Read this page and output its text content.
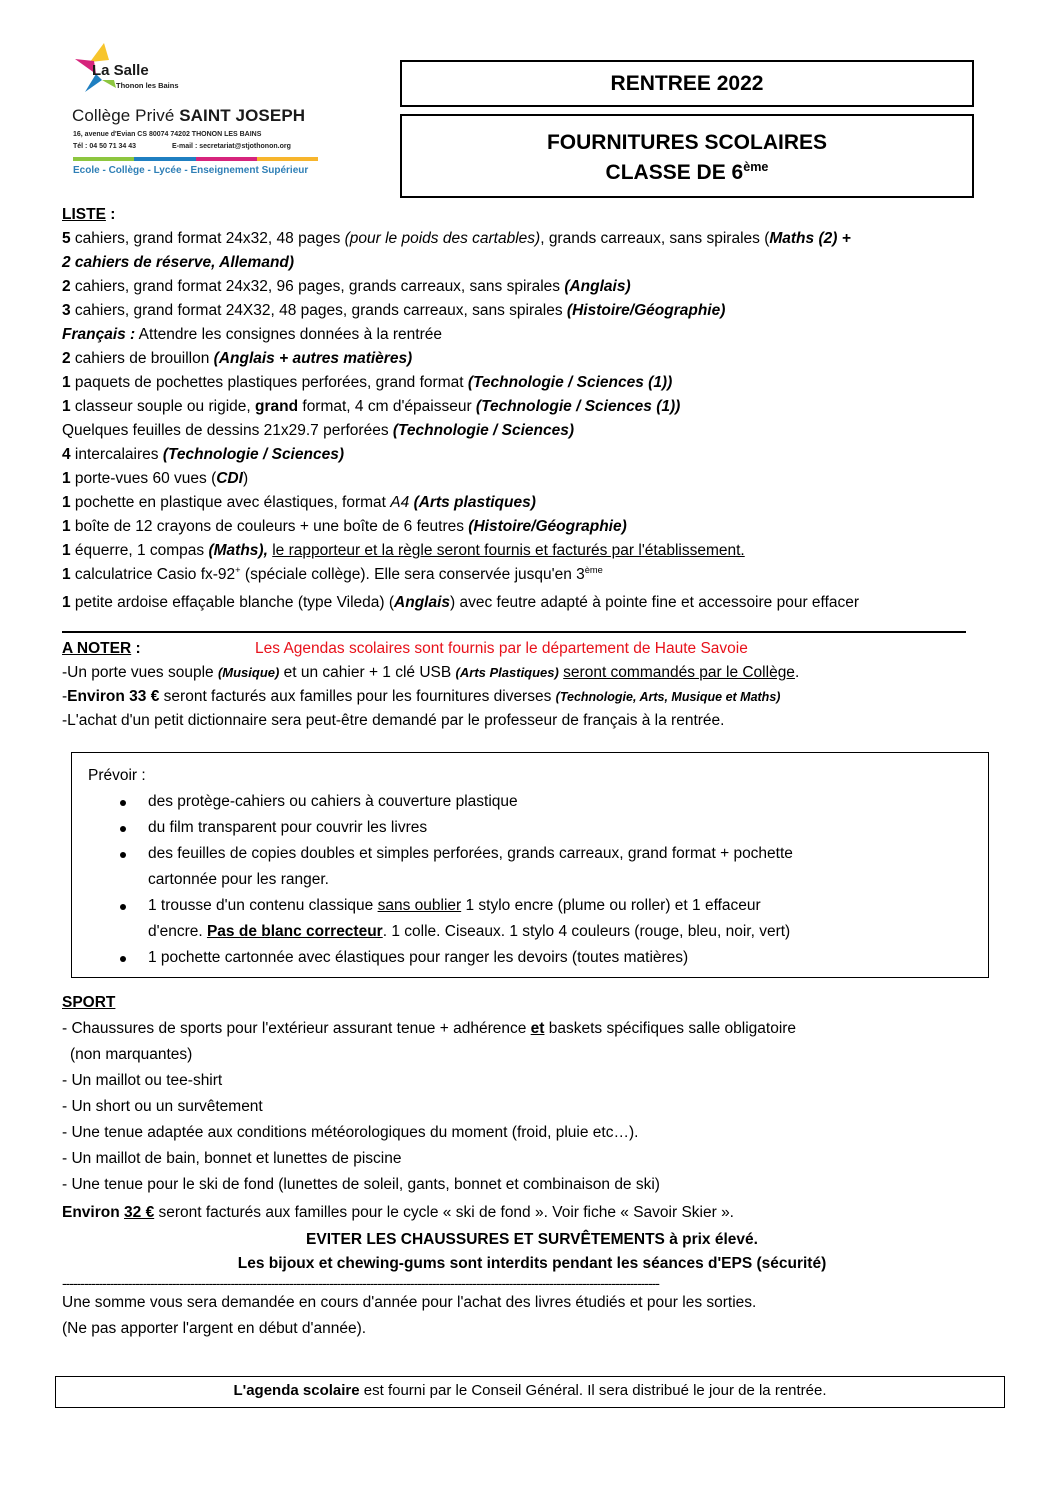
La Salle
Thonon les Bains
Collège Privé SAINT JOSEPH
16, avenue d'Evian CS 80074 74202 THONON LES BAINS
Tél : 04 50 71 34 43	E-mail : secretariat@stjothonon.org
Ecole - Collège - Lycée - Enseignement Supérieur
RENTREE 2022
FOURNITURES SCOLAIRES
CLASSE DE 6ème
LISTE :
5 cahiers, grand format 24x32, 48 pages (pour le poids des cartables), grands carreaux, sans spirales (Maths (2) +
2 cahiers de réserve, Allemand)
2 cahiers, grand format 24x32, 96 pages, grands carreaux, sans spirales (Anglais)
3 cahiers, grand format 24X32, 48 pages, grands carreaux, sans spirales (Histoire/Géographie)
Français : Attendre les consignes données à la rentrée
2 cahiers de brouillon (Anglais + autres matières)
1 paquets de pochettes plastiques perforées, grand format (Technologie / Sciences (1))
1 classeur souple ou rigide, grand format, 4 cm d'épaisseur (Technologie / Sciences (1))
Quelques feuilles de dessins 21x29.7 perforées (Technologie / Sciences)
4 intercalaires (Technologie / Sciences)
1 porte-vues 60 vues (CDI)
1 pochette en plastique avec élastiques, format A4 (Arts plastiques)
1 boîte de 12 crayons de couleurs + une boîte de 6 feutres (Histoire/Géographie)
1 équerre, 1 compas (Maths), le rapporteur et la règle seront fournis et facturés par l'établissement.
1 calculatrice Casio fx-92+ (spéciale collège). Elle sera conservée jusqu'en 3ème
1 petite ardoise effaçable blanche (type Vileda) (Anglais) avec feutre adapté à pointe fine et accessoire pour effacer
A NOTER :	Les Agendas scolaires sont fournis par le département de Haute Savoie
-Un porte vues souple (Musique) et un cahier + 1 clé USB (Arts Plastiques) seront commandés par le Collège.
-Environ 33 € seront facturés aux familles pour les fournitures diverses (Technologie, Arts, Musique et Maths)
-L'achat d'un petit dictionnaire sera peut-être demandé par le professeur de français à la rentrée.
Prévoir :
des protège-cahiers ou cahiers à couverture plastique
du film transparent pour couvrir les livres
des feuilles de copies doubles et simples perforées, grands carreaux, grand format + pochette
cartonnée pour les ranger.
1 trousse d'un contenu classique sans oublier 1 stylo encre (plume ou roller) et 1 effaceur
d'encre. Pas de blanc correcteur. 1 colle. Ciseaux. 1 stylo 4 couleurs (rouge, bleu, noir, vert)
1 pochette cartonnée avec élastiques pour ranger les devoirs (toutes matières)
SPORT
- Chaussures de sports pour l'extérieur assurant tenue + adhérence et baskets spécifiques salle obligatoire
(non marquantes)
- Un maillot ou tee-shirt
- Un short ou un survêtement
- Une tenue adaptée aux conditions météorologiques du moment (froid, pluie etc…).
- Un maillot de bain, bonnet et lunettes de piscine
- Une tenue pour le ski de fond (lunettes de soleil, gants, bonnet et combinaison de ski)
Environ 32 € seront facturés aux familles pour le cycle « ski de fond ». Voir fiche « Savoir Skier ».
EVITER LES CHAUSSURES ET SURVÊTEMENTS à prix élevé.
Les bijoux et chewing-gums sont interdits pendant les séances d'EPS (sécurité)
-------------------------------------------------------------------------------------------------------------------------------------------------------------------
Une somme vous sera demandée en cours d'année pour l'achat des livres étudiés et pour les sorties.
(Ne pas apporter l'argent en début d'année).
L'agenda scolaire est fourni par le Conseil Général. Il sera distribué le jour de la rentrée.
